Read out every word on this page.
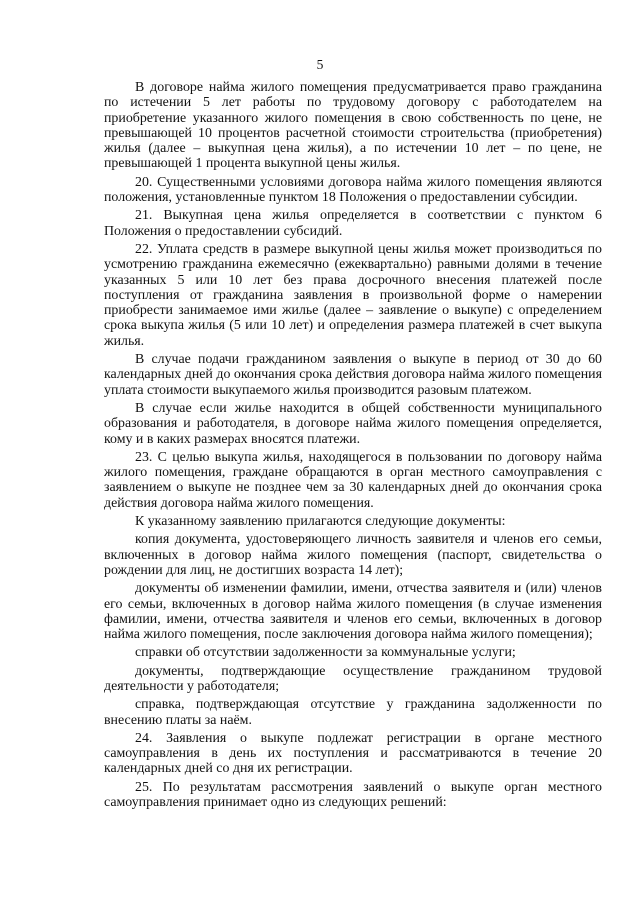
5

В договоре найма жилого помещения предусматривается право гражданина по истечении 5 лет работы по трудовому договору с работодателем на приобретение указанного жилого помещения в свою собственность по цене, не превышающей 10 процентов расчетной стоимости строительства (приобретения) жилья (далее – выкупная цена жилья), а по истечении 10 лет – по цене, не превышающей 1 процента выкупной цены жилья.

20. Существенными условиями договора найма жилого помещения являются положения, установленные пунктом 18 Положения о предоставлении субсидии.

21. Выкупная цена жилья определяется в соответствии с пунктом 6 Положения о предоставлении субсидий.

22. Уплата средств в размере выкупной цены жилья может производиться по усмотрению гражданина ежемесячно (ежеквартально) равными долями в течение указанных 5 или 10 лет без права досрочного внесения платежей после поступления от гражданина заявления в произвольной форме о намерении приобрести занимаемое ими жилье (далее – заявление о выкупе) с определением срока выкупа жилья (5 или 10 лет) и определения размера платежей в счет выкупа жилья.

В случае подачи гражданином заявления о выкупе в период от 30 до 60 календарных дней до окончания срока действия договора найма жилого помещения уплата стоимости выкупаемого жилья производится разовым платежом.

В случае если жилье находится в общей собственности муниципального образования и работодателя, в договоре найма жилого помещения определяется, кому и в каких размерах вносятся платежи.

23. С целью выкупа жилья, находящегося в пользовании по договору найма жилого помещения, граждане обращаются в орган местного самоуправления с заявлением о выкупе не позднее чем за 30 календарных дней до окончания срока действия договора найма жилого помещения.

К указанному заявлению прилагаются следующие документы:

копия документа, удостоверяющего личность заявителя и членов его семьи, включенных в договор найма жилого помещения (паспорт, свидетельства о рождении для лиц, не достигших возраста 14 лет);

документы об изменении фамилии, имени, отчества заявителя и (или) членов его семьи, включенных в договор найма жилого помещения (в случае изменения фамилии, имени, отчества заявителя и членов его семьи, включенных в договор найма жилого помещения, после заключения договора найма жилого помещения);

справки об отсутствии задолженности за коммунальные услуги;

документы, подтверждающие осуществление гражданином трудовой деятельности у работодателя;

справка, подтверждающая отсутствие у гражданина задолженности по внесению платы за наём.

24. Заявления о выкупе подлежат регистрации в органе местного самоуправления в день их поступления и рассматриваются в течение 20 календарных дней со дня их регистрации.

25. По результатам рассмотрения заявлений о выкупе орган местного самоуправления принимает одно из следующих решений:
